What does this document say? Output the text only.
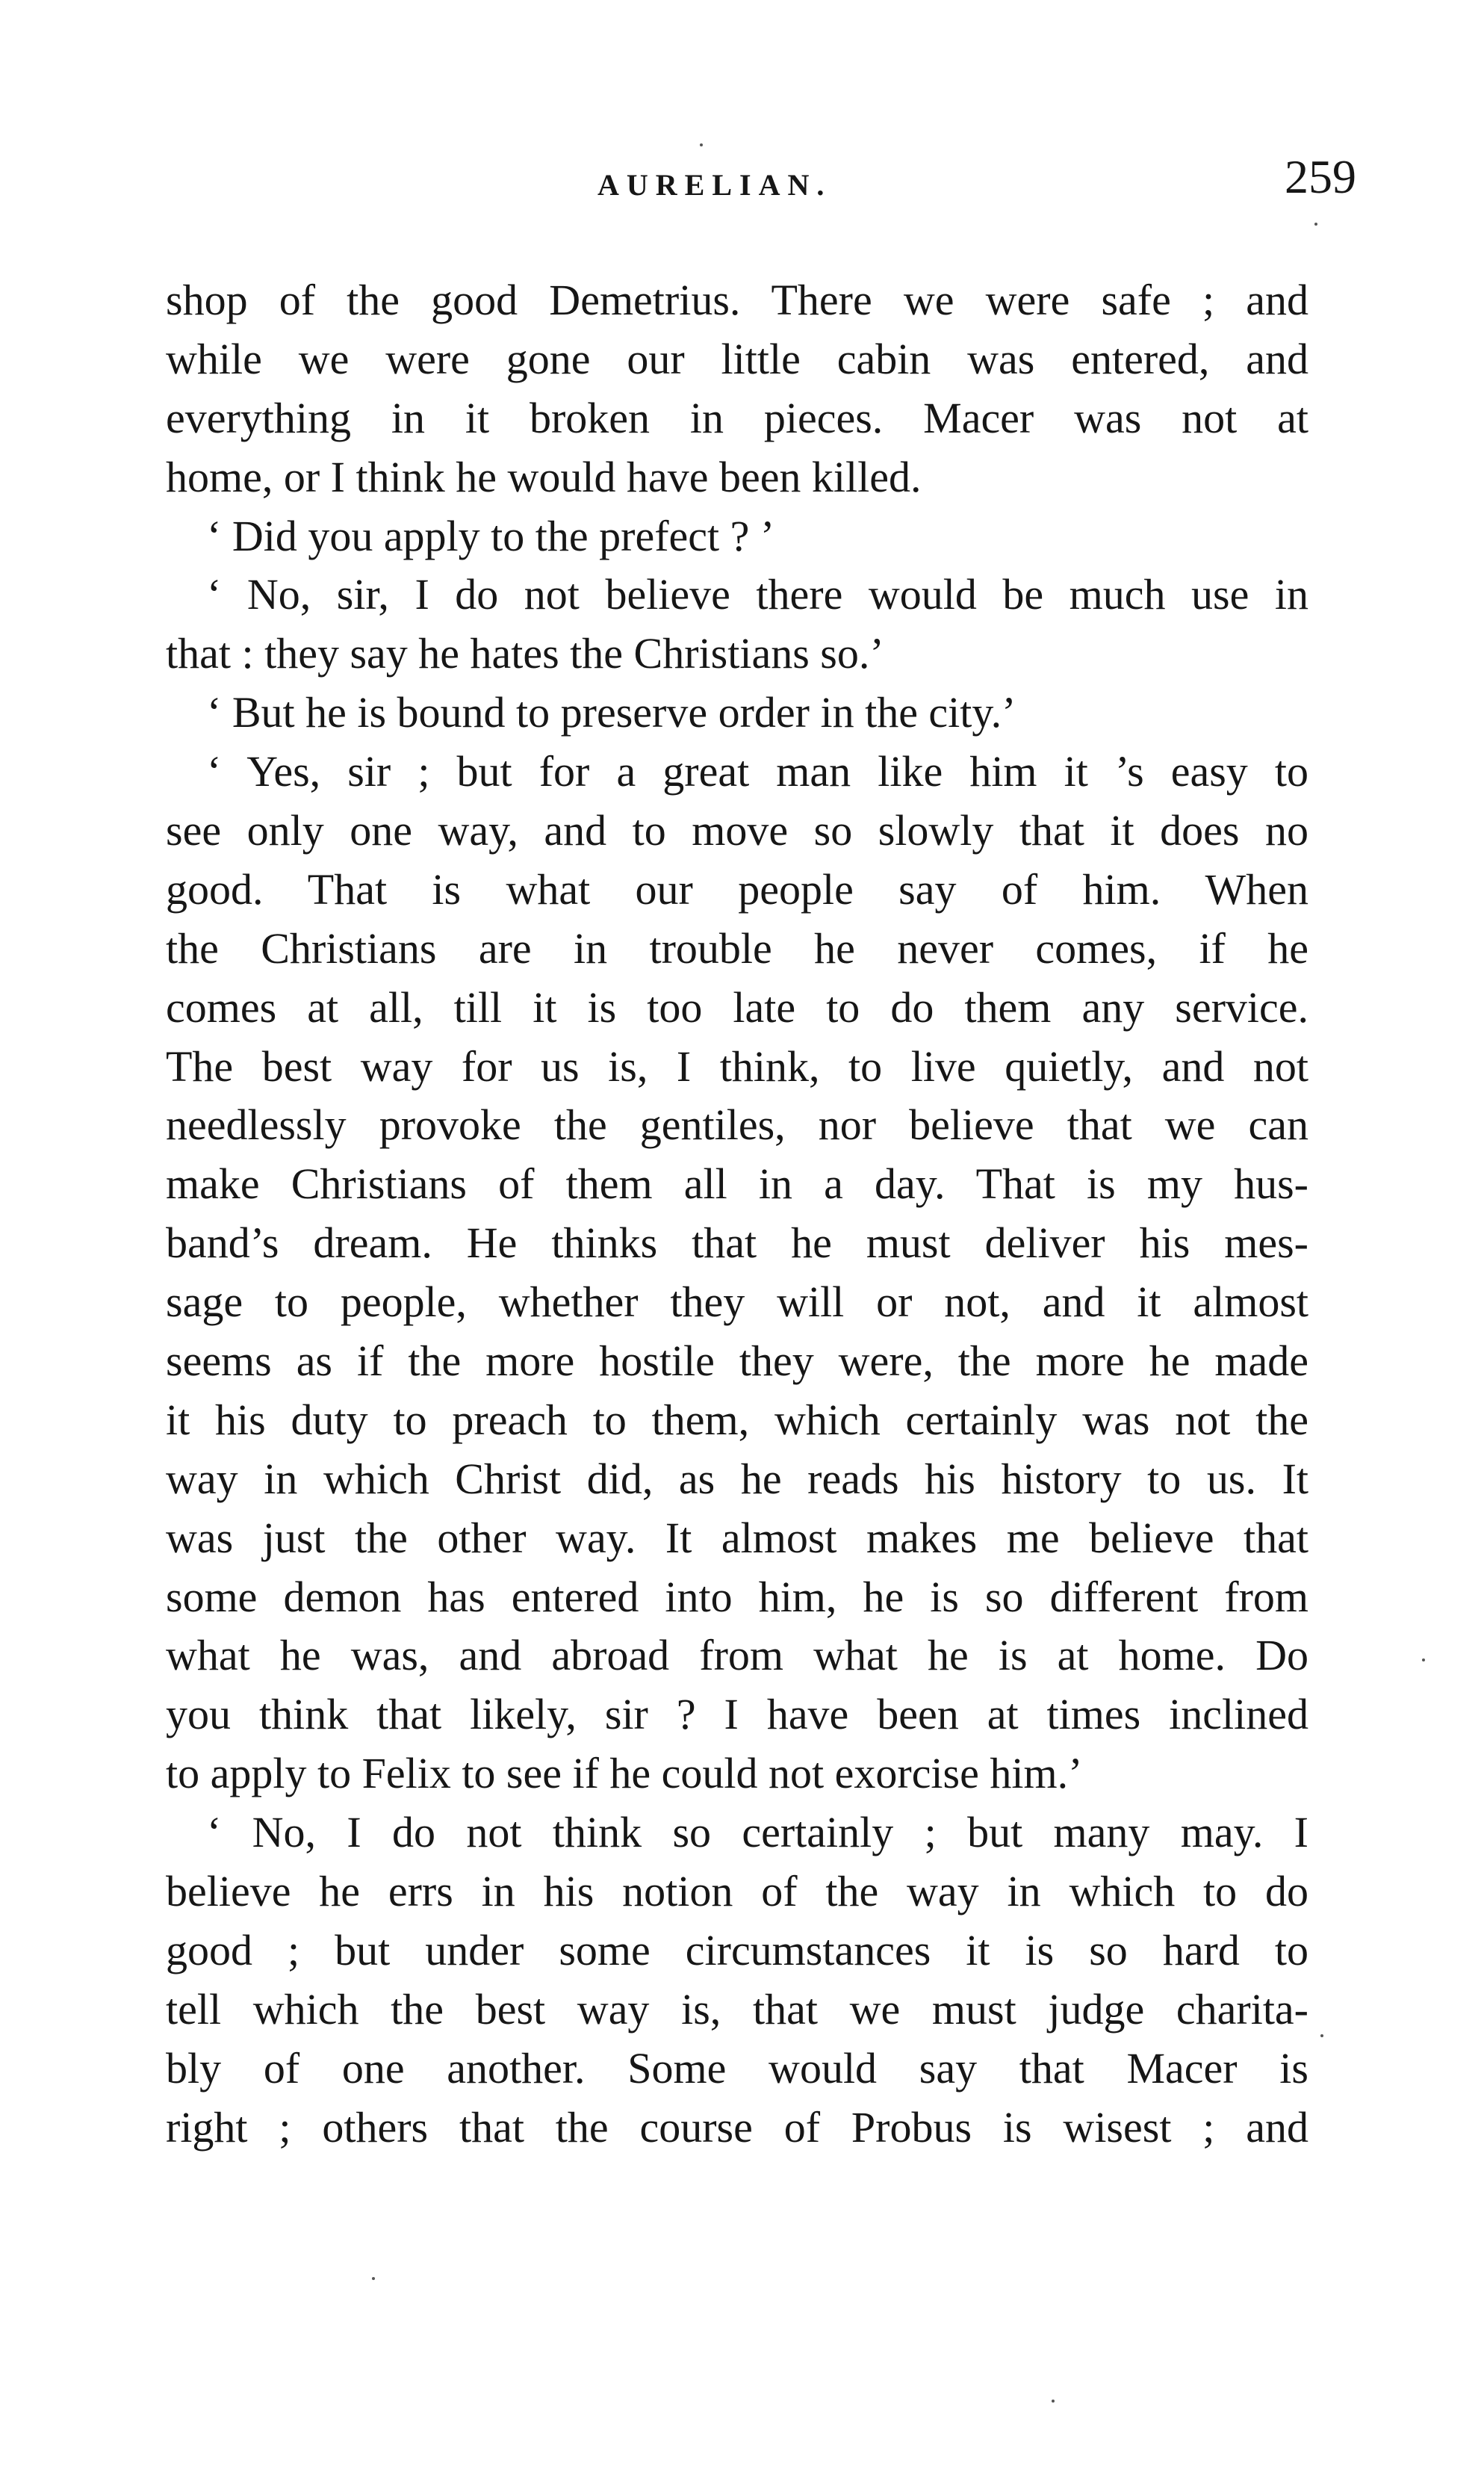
AURELIAN.	259
shop of the good Demetrius. There we were safe ; and
while we were gone our little cabin was entered, and
everything in it broken in pieces. Macer was not at
home, or I think he would have been killed.
‘ Did you apply to the prefect ? ’
‘ No, sir, I do not believe there would be much use in
that : they say he hates the Christians so.’
‘ But he is bound to preserve order in the city.’
‘ Yes, sir ; but for a great man like him it ’s easy to
see only one way, and to move so slowly that it does no
good. That is what our people say of him. When
the Christians are in trouble he never comes, if he
comes at all, till it is too late to do them any service.
The best way for us is, I think, to live quietly, and not
needlessly provoke the gentiles, nor believe that we can
make Christians of them all in a day. That is my hus-
band’s dream. He thinks that he must deliver his mes-
sage to people, whether they will or not, and it almost
seems as if the more hostile they were, the more he made
it his duty to preach to them, which certainly was not the
way in which Christ did, as he reads his history to us. It
was just the other way. It almost makes me believe that
some demon has entered into him, he is so different from
what he was, and abroad from what he is at home. Do
you think that likely, sir ? I have been at times inclined
to apply to Felix to see if he could not exorcise him.’
‘ No, I do not think so certainly ; but many may. I
believe he errs in his notion of the way in which to do
good ; but under some circumstances it is so hard to
tell which the best way is, that we must judge charita-
bly of one another. Some would say that Macer is
right ; others that the course of Probus is wisest ; and
